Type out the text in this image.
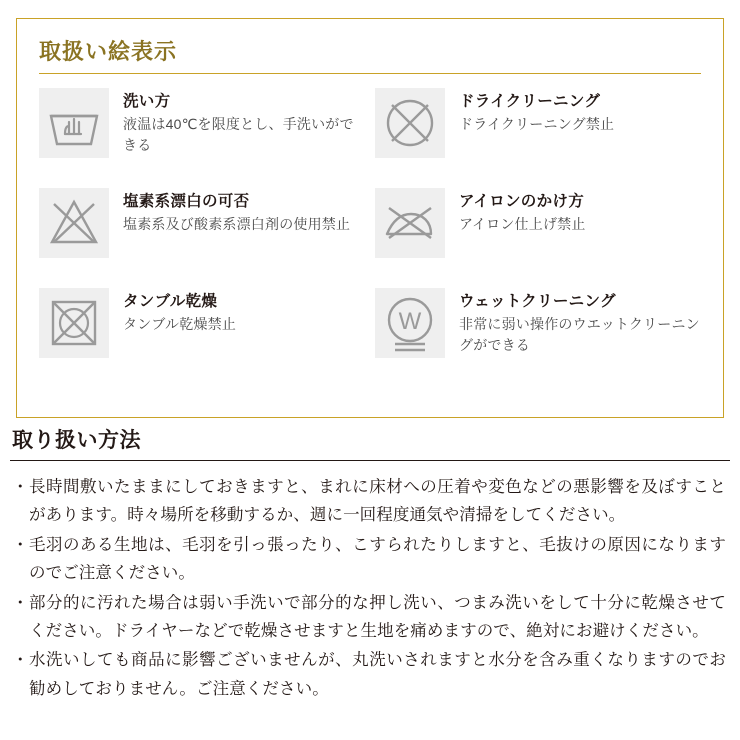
取扱い絵表示
洗い方
液温は40℃を限度とし、手洗いができる
ドライクリーニング
ドライクリーニング禁止
塩素系漂白の可否
塩素系及び酸素系漂白剤の使用禁止
アイロンのかけ方
アイロン仕上げ禁止
タンブル乾燥
タンブル乾燥禁止	W
ウェットクリーニング
非常に弱い操作のウエットクリーニングができる
取り扱い方法
・ 長時間敷いたままにしておきますと、まれに床材への圧着や変色などの悪影響を及ぼすことがあります。時々場所を移動するか、週に一回程度通気や清掃をしてください。
・ 毛羽のある生地は、毛羽を引っ張ったり、こすられたりしますと、毛抜けの原因になりますのでご注意ください。
・ 部分的に汚れた場合は弱い手洗いで部分的な押し洗い、つまみ洗いをして十分に乾燥させてください。ドライヤーなどで乾燥させますと生地を痛めますので、絶対にお避けください。
・ 水洗いしても商品に影響ございませんが、丸洗いされますと水分を含み重くなりますのでお勧めしておりません。ご注意ください。
